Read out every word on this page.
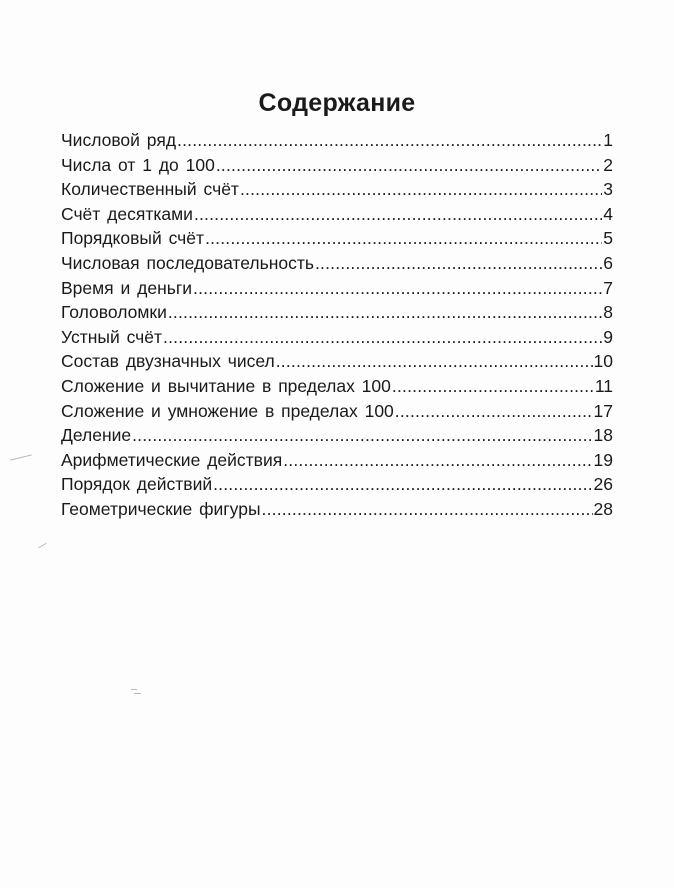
Содержание
Числовой ряд .....	1
Числа от 1 до 100 .....	2
Количественный счёт .....	3
Счёт десятками .....	4
Порядковый счёт .....	5
Числовая последовательность .....	6
Время и деньги .....	7
Головоломки .....	8
Устный счёт .....	9
Состав двузначных чисел .....	10
Сложение и вычитание в пределах 100 .....	11
Сложение и умножение в пределах 100 .....	17
Деление .....	18
Арифметические действия .....	19
Порядок действий .....	26
Геометрические фигуры .....	28
